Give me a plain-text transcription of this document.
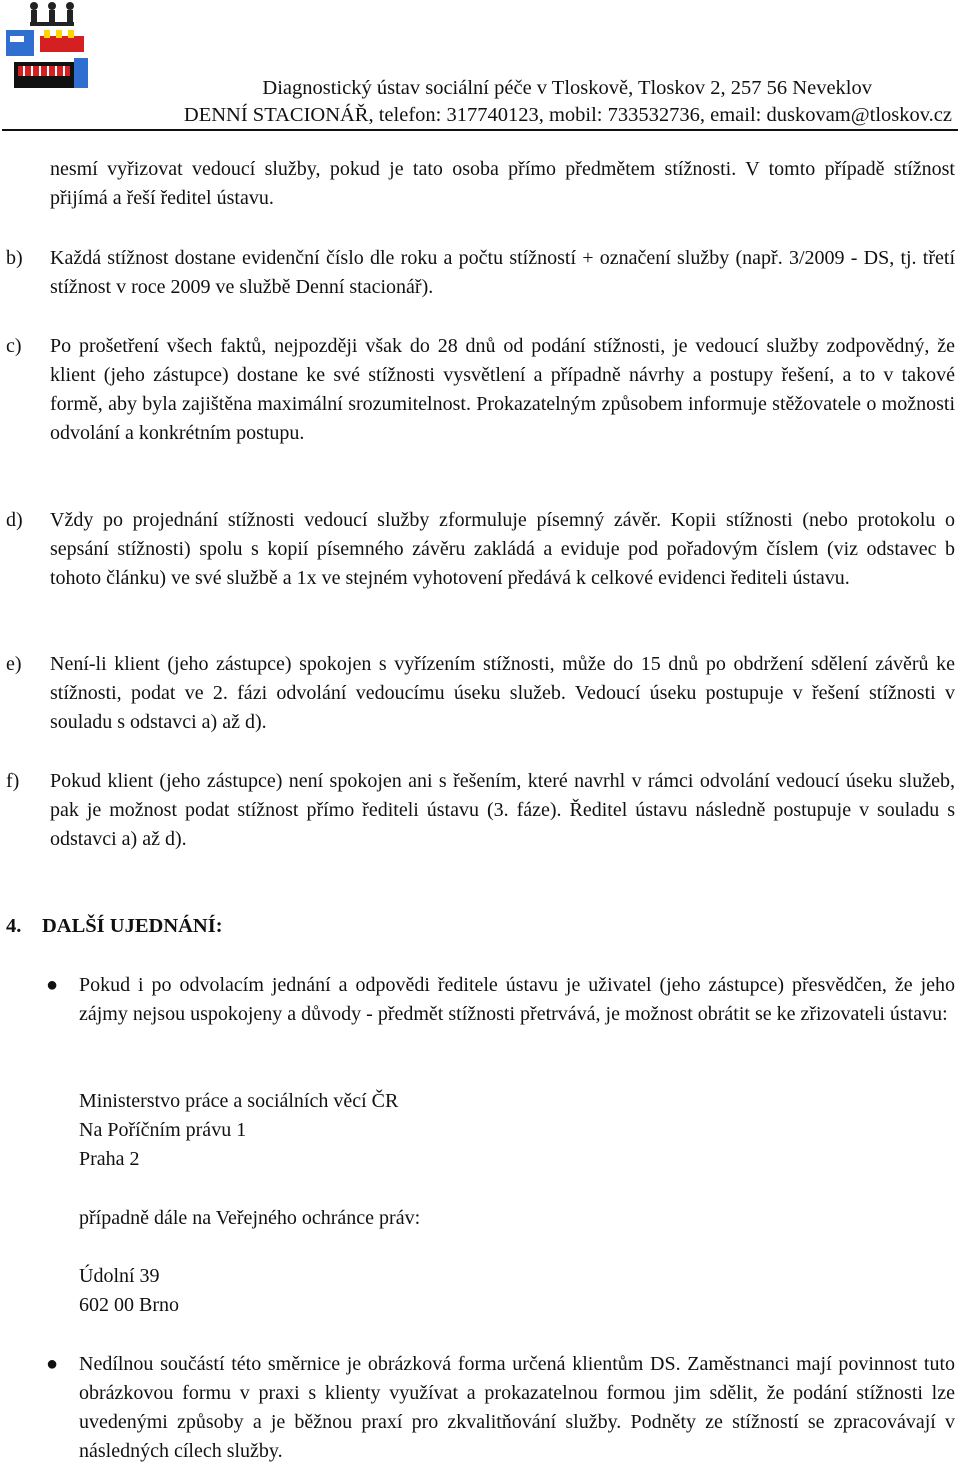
Diagnostický ústav sociální péče v Tloskově, Tloskov 2, 257 56 Neveklov
DENNÍ STACIONÁŘ, telefon: 317740123, mobil: 733532736, email: duskovam@tloskov.cz
nesmí vyřizovat vedoucí služby, pokud je tato osoba přímo předmětem stížnosti. V tomto případě stížnost přijímá a řeší ředitel ústavu.
b) Každá stížnost dostane evidenční číslo dle roku a počtu stížností + označení služby (např. 3/2009 - DS, tj. třetí stížnost v roce 2009 ve službě Denní stacionář).
c) Po prošetření všech faktů, nejpozději však do 28 dnů od podání stížnosti, je vedoucí služby zodpovědný, že klient (jeho zástupce) dostane ke své stížnosti vysvětlení a případně návrhy a postupy řešení, a to v takové formě, aby byla zajištěna maximální srozumitelnost. Prokazatelným způsobem informuje stěžovatele o možnosti odvolání a konkrétním postupu.
d) Vždy po projednání stížnosti vedoucí služby zformuluje písemný závěr. Kopii stížnosti (nebo protokolu o sepsání stížnosti) spolu s kopií písemného závěru zakládá a eviduje pod pořadovým číslem (viz odstavec b tohoto článku) ve své službě a 1x ve stejném vyhotovení předává k celkové evidenci řediteli ústavu.
e) Není-li klient (jeho zástupce) spokojen s vyřízením stížnosti, může do 15 dnů po obdržení sdělení závěrů ke stížnosti, podat ve 2. fázi odvolání vedoucímu úseku služeb. Vedoucí úseku postupuje v řešení stížnosti v souladu s odstavci a) až d).
f) Pokud klient (jeho zástupce) není spokojen ani s řešením, které navrhl v rámci odvolání vedoucí úseku služeb, pak je možnost podat stížnost přímo řediteli ústavu (3. fáze). Ředitel ústavu následně postupuje v souladu s odstavci a) až d).
4. DALŠÍ UJEDNÁNÍ:
● Pokud i po odvolacím jednání a odpovědi ředitele ústavu je uživatel (jeho zástupce) přesvědčen, že jeho zájmy nejsou uspokojeny a důvody - předmět stížnosti přetrvává, je možnost obrátit se ke zřizovateli ústavu:
Ministerstvo práce a sociálních věcí ČR
Na Poříčním právu 1
Praha 2
případně dále na Veřejného ochránce práv:
Údolní 39
602 00 Brno
● Nedílnou součástí této směrnice je obrázková forma určená klientům DS. Zaměstnanci mají povinnost tuto obrázkovou formu v praxi s klienty využívat a prokazatelnou formou jim sdělit, že podání stížnosti lze uvedenými způsoby a je běžnou praxí pro zkvalitňování služby. Podněty ze stížností se zpracovávají v následných cílech služby.
